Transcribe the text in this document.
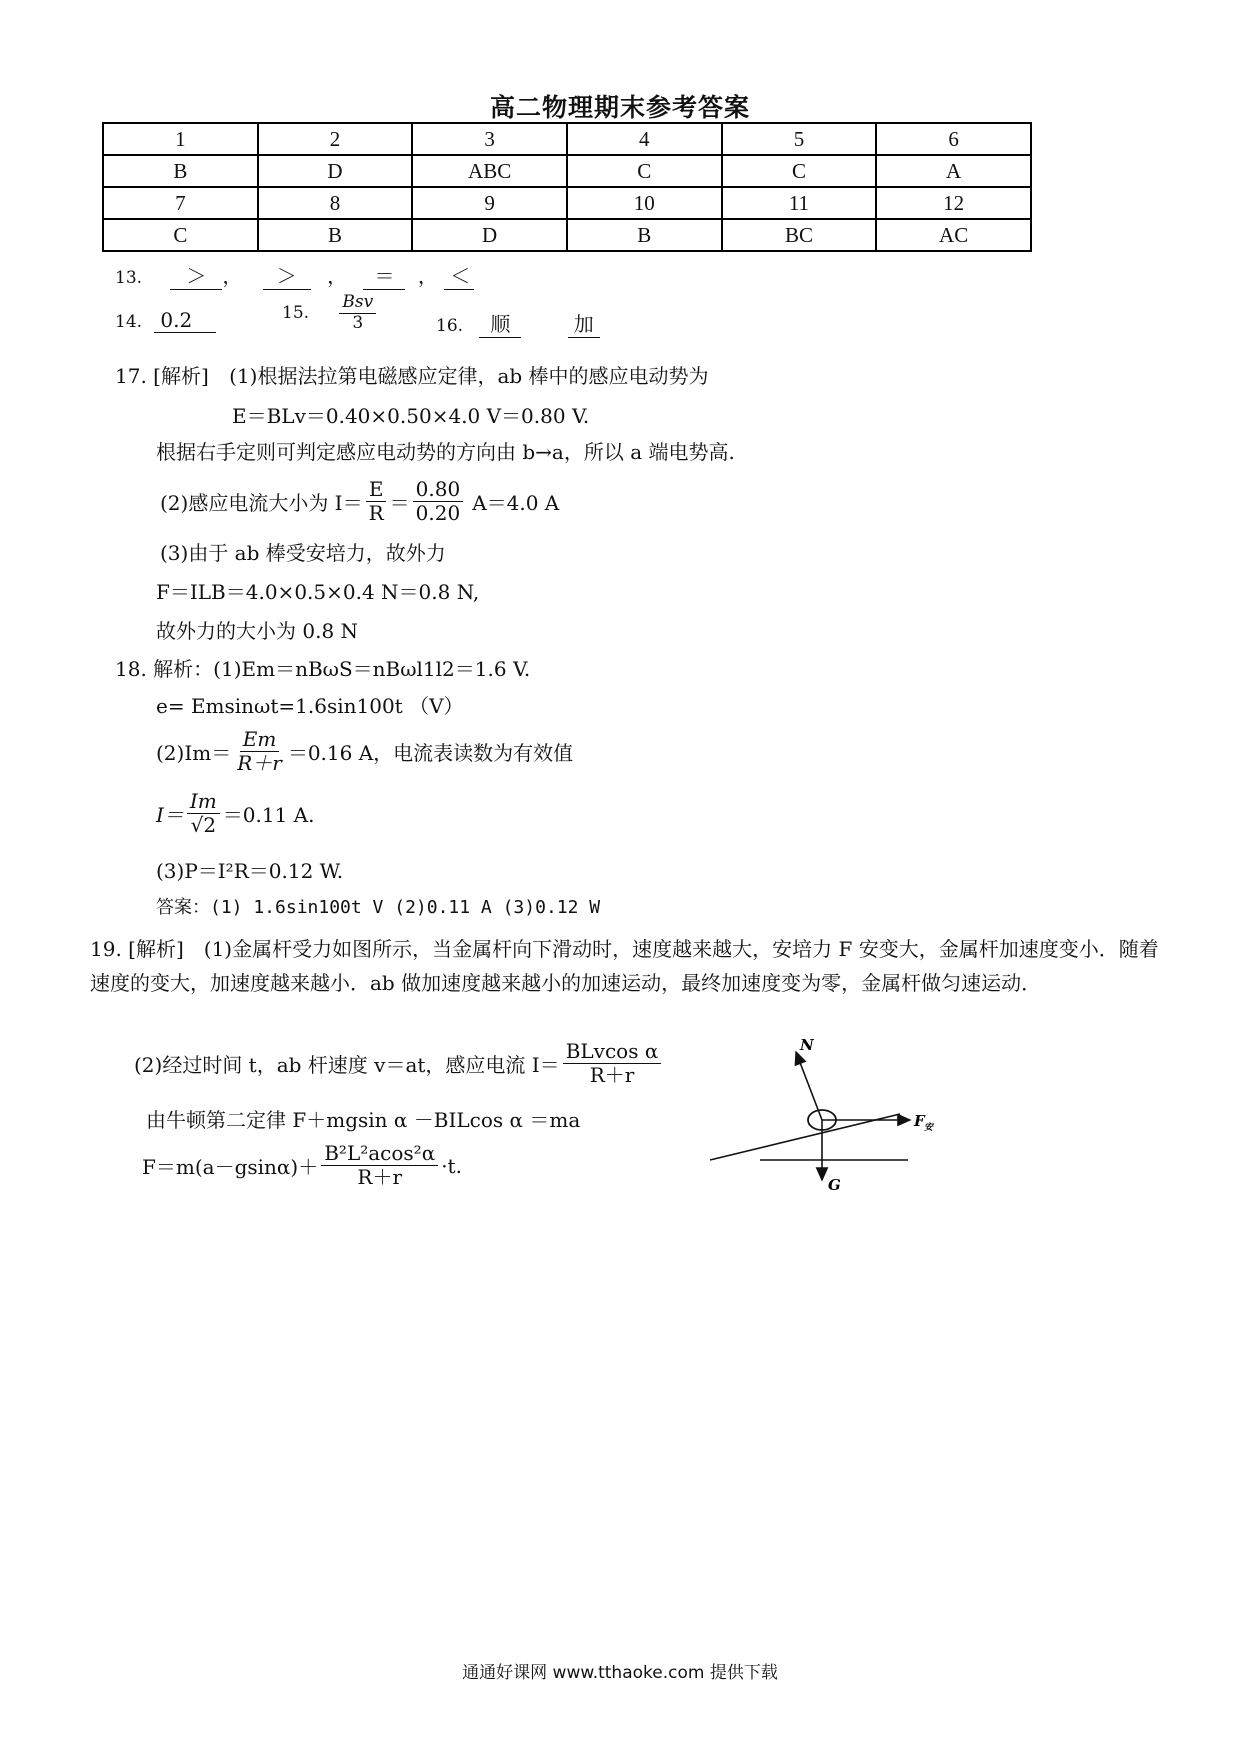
高二物理期末参考答案
1	2	3	4	5	6
B	D	ABC	C	C	A
7	8	9	10	11	12
C	B	D	B	BC	AC
13. ＞ ， ＞ ， ＝ ， ＜
14. 0.2	15. $\frac{\text{Bsv}}{3}$	16. 顺	加
17. [解析] (1)根据法拉第电磁感应定律，ab 棒中的感应电动势为
E＝BLv＝0.40×0.50×4.0 V＝0.80 V.
根据右手定则可判定感应电动势的方向由 b→a，所以 a 端电势高.
(2)感应电流大小为 $I= \frac{E}{R} = \frac{0.80}{0.20} A=4.0$ A
(3)由于 ab 棒受安培力，故外力
F＝ILB＝4.0×0.5×0.4 N＝0.8 N,
故外力的大小为 0.8 N
18. 解析：(1)Em＝nBωS＝nBωl1l2＝1.6 V.
e= Emsinωt=1.6sin100t （V）
$(2)Im= \frac{Em}{R+r} =0.16$ A，电流表读数为有效值
$I= \frac{Im}{√2} =0.11$ A.
(3)P＝I²R＝0.12 W.
答案：(1) 1.6sin100t V (2)0.11 A (3)0.12 W
19. [解析]　(1)金属杆受力如图所示，当金属杆向下滑动时，速度越来越大，安培力 F 安变大，金属杆加速度变小．随着速度的变大，加速度越来越小．ab 做加速度越来越小的加速运动，最终加速度变为零，金属杆做匀速运动．
(2)经过时间 t，ab 杆速度 v＝at，感应电流 $I= \frac{\text{BLvcos α}}{R+r}$
由牛顿第二定律 F＋mgsin α －BILcos α ＝ma
$F=m(a-gsin\alpha)+ \frac{\text{B²L²acos²α}}{R+r} \cdot t$.
N
F 安
G
通通好课网 www.tthaoke.com 提供下载
